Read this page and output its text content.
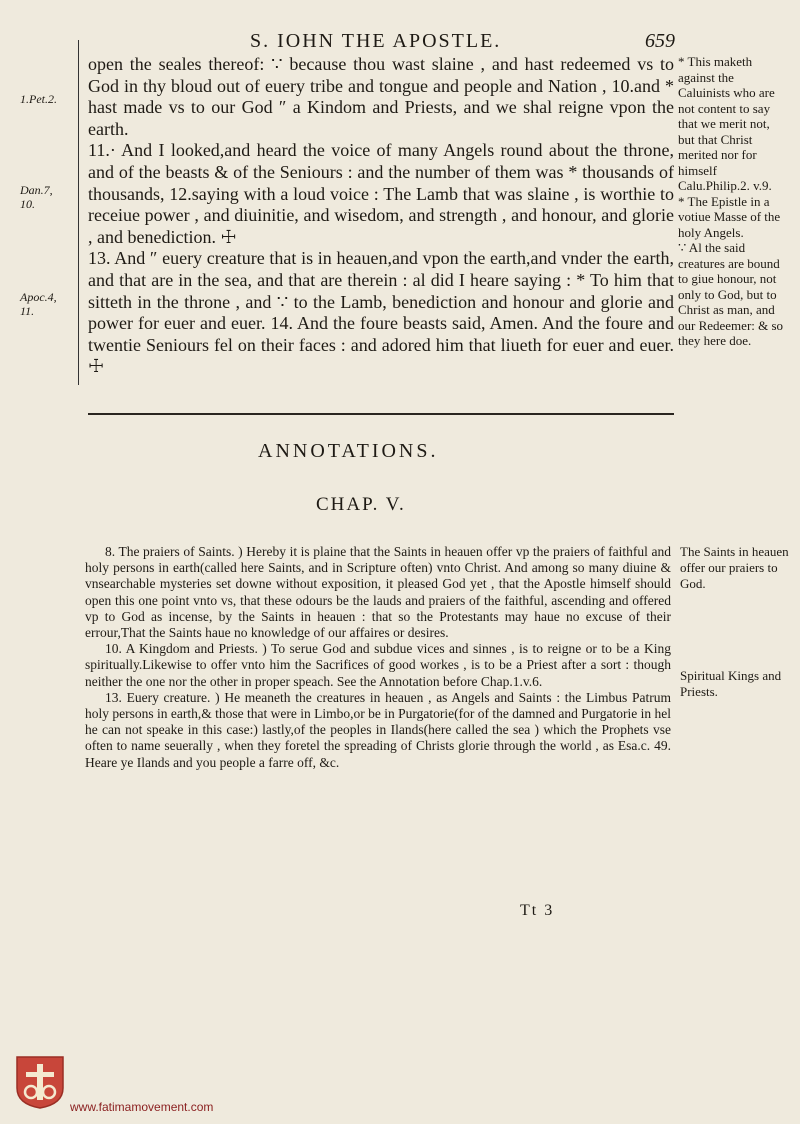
S. IOHN THE APOSTLE.	659
1.Pet.2.
Dan.7, 10.
Apoc.4, 11.

open the seales thereof: ∵ because thou wast slaine , and hast redeemed vs to God in thy bloud out of euery tribe and tongue and people and Nation , 10.and * hast made vs to our God ″ a Kindom and Priests, and we shal reigne vpon the earth.

11.· And I looked,and heard the voice of many Angels round about the throne, and of the beasts & of the Seniours : and the number of them was * thousands of thousands, 12.saying with a loud voice : The Lamb that was slaine , is worthie to receiue power , and diuinitie, and wisedom, and strength , and honour, and glorie , and benediction. ☩

13. And ″ euery creature that is in heauen,and vpon the earth,and vnder the earth, and that are in the sea, and that are therein : al did I heare saying : * To him that sitteth in the throne , and ∵ to the Lamb, benediction and honour and glorie and power for euer and euer. 14. And the foure beasts said, Amen. And the foure and twentie Seniours fel on their faces : and adored him that liueth for euer and euer. ☩

* This maketh against the Caluinists who are not content to say that we merit not, but that Christ merited nor for himself Calu.Philip.2. v.9.

* The Epistle in a votiue Masse of the holy Angels.

∵ Al the said creatures are bound to giue honour, not only to God, but to Christ as man, and our Redeemer: & so they here doe.

ANNOTATIONS.
CHAP. V.

8. The praiers of Saints. ) Hereby it is plaine that the Saints in heauen offer vp the praiers of faithful and holy persons in earth(called here Saints, and in Scripture often) vnto Christ. And among so many diuine & vnsearchable mysteries set downe without exposition, it pleased God yet , that the Apostle himself should open this one point vnto vs, that these odours be the lauds and praiers of the faithful, ascending and offered vp to God as incense, by the Saints in heauen : that so the Protestants may haue no excuse of their errour,That the Saints haue no knowledge of our affaires or desires.

10. A Kingdom and Priests. ) To serue God and subdue vices and sinnes , is to reigne or to be a King spiritually.Likewise to offer vnto him the Sacrifices of good workes , is to be a Priest after a sort : though neither the one nor the other in proper speach. See the Annotation before Chap.1.v.6.

13. Euery creature. ) He meaneth the creatures in heauen , as Angels and Saints : the Limbus Patrum holy persons in earth,& those that were in Limbo,or be in Purgatorie(for of the damned and Purgatorie in hel he can not speake in this case:) lastly,of the peoples in Ilands(here called the sea ) which the Prophets vse often to name seuerally , when they foretel the spreading of Christs glorie through the world , as Esa.c. 49. Heare ye Ilands and you people a farre off, &c.

The Saints in heauen offer our praiers to God.
Spiritual Kings and Priests.
Tt 3
www.fatimamovement.com
